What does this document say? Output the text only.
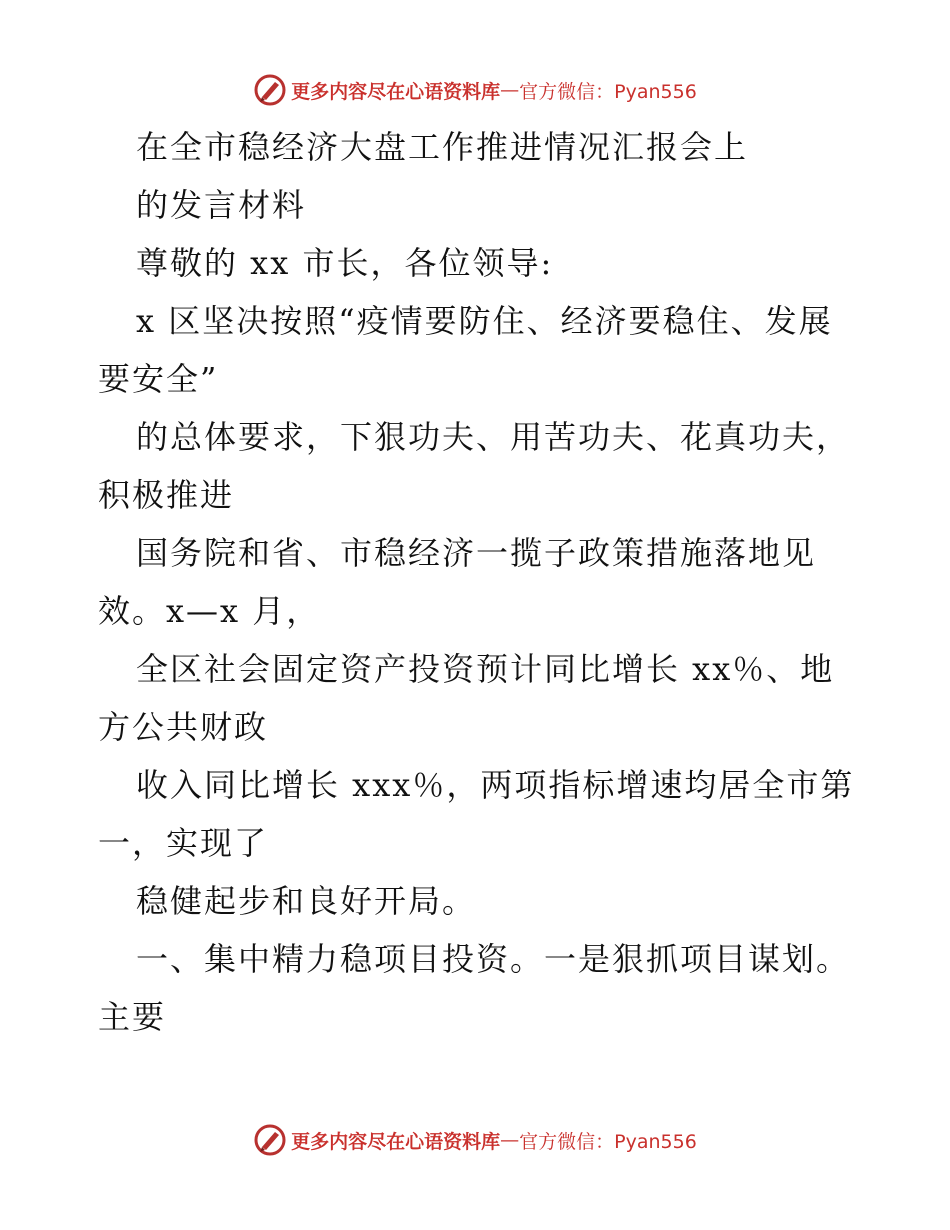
更多内容尽在心语资料库 — 官方微信：Pyan556
在全市稳经济大盘工作推进情况汇报会上
的发言材料
尊敬的 xx 市长，各位领导:
x 区坚决按照“疫情要防住、经济要稳住、发展
要安全”
的总体要求，下狠功夫、用苦功夫、花真功夫，
积极推进
国务院和省、市稳经济一揽子政策措施落地见
效。x—x 月，
全区社会固定资产投资预计同比增长 xx％、地
方公共财政
收入同比增长 xxx％，两项指标增速均居全市第
一，实现了
稳健起步和良好开局。
一、集中精力稳项目投资。一是狠抓项目谋划。
主要
更多内容尽在心语资料库 — 官方微信：Pyan556
